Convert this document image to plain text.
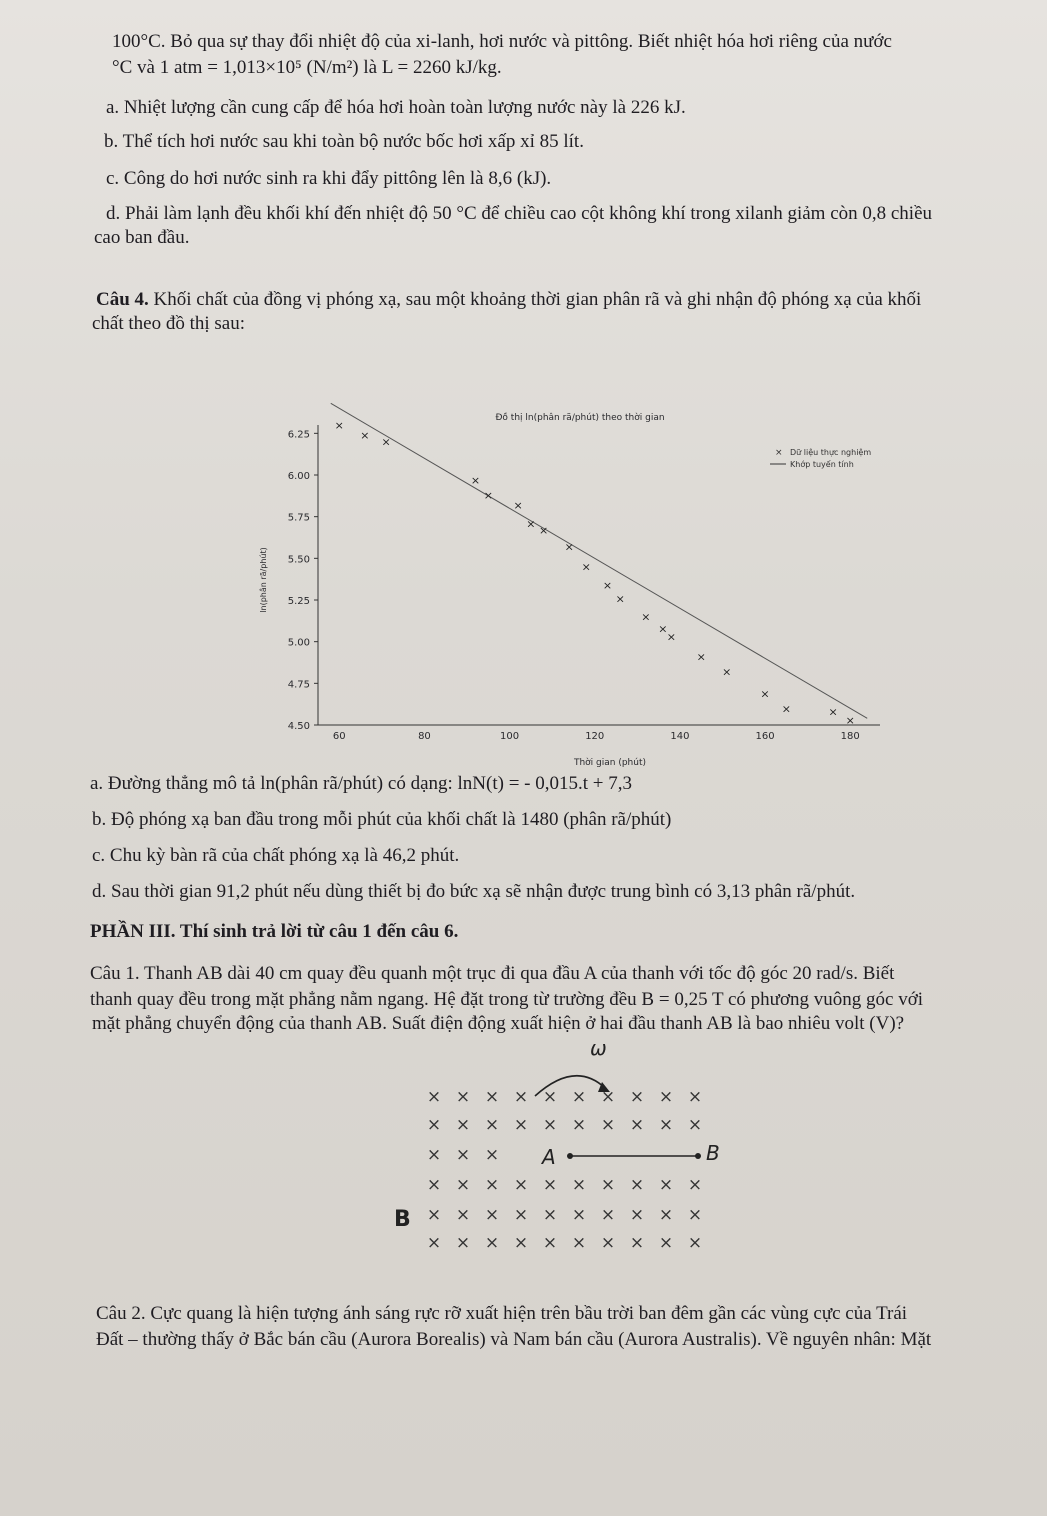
100°C. Bỏ qua sự thay đổi nhiệt độ của xi-lanh, hơi nước và pittông. Biết nhiệt hóa hơi riêng của nước
°C và 1 atm = 1,013×10⁵ (N/m²) là L = 2260 kJ/kg.
a. Nhiệt lượng cần cung cấp để hóa hơi hoàn toàn lượng nước này là 226 kJ.
b. Thể tích hơi nước sau khi toàn bộ nước bốc hơi xấp xỉ 85 lít.
c. Công do hơi nước sinh ra khi đẩy pittông lên là 8,6 (kJ).
d. Phải làm lạnh đều khối khí đến nhiệt độ 50 °C để chiều cao cột không khí trong xilanh giảm còn 0,8 chiều
cao ban đầu.
Câu 4. Khối chất của đồng vị phóng xạ, sau một khoảng thời gian phân rã và ghi nhận độ phóng xạ của khối
chất theo đồ thị sau:
Đồ thị ln(phân rã/phút) theo thời gian
4.50
4.75
5.00
5.25
5.50
5.75
6.00
6.25
60	80	100	120	140	160	180
Thời gian (phút)
ln(phân rã/phút)
×
×
×
×
×
×
×
×
×
×
×
×
×
×
×
×
×
×
×	×
×
× Dữ liệu thực nghiệm
Khớp tuyến tính
a. Đường thẳng mô tả ln(phân rã/phút) có dạng: lnN(t) = - 0,015.t + 7,3
b. Độ phóng xạ ban đầu trong mỗi phút của khối chất là 1480 (phân rã/phút)
c. Chu kỳ bàn rã của chất phóng xạ là 46,2 phút.
d. Sau thời gian 91,2 phút nếu dùng thiết bị đo bức xạ sẽ nhận được trung bình có 3,13 phân rã/phút.
PHẦN III. Thí sinh trả lời từ câu 1 đến câu 6.
Câu 1. Thanh AB dài 40 cm quay đều quanh một trục đi qua đầu A của thanh với tốc độ góc 20 rad/s. Biết
thanh quay đều trong mặt phẳng nằm ngang. Hệ đặt trong từ trường đều B = 0,25 T có phương vuông góc với
mặt phẳng chuyển động của thanh AB. Suất điện động xuất hiện ở hai đầu thanh AB là bao nhiêu volt (V)?
ω
× × × × × × × × × ×
× × × × × × × × × ×
× × ×
× × × × × × × × × ×
× × × × × × × × × ×
× × × × × × × × × ×
A	B
B
Câu 2. Cực quang là hiện tượng ánh sáng rực rỡ xuất hiện trên bầu trời ban đêm gần các vùng cực của Trái
Đất – thường thấy ở Bắc bán cầu (Aurora Borealis) và Nam bán cầu (Aurora Australis). Về nguyên nhân: Mặt
